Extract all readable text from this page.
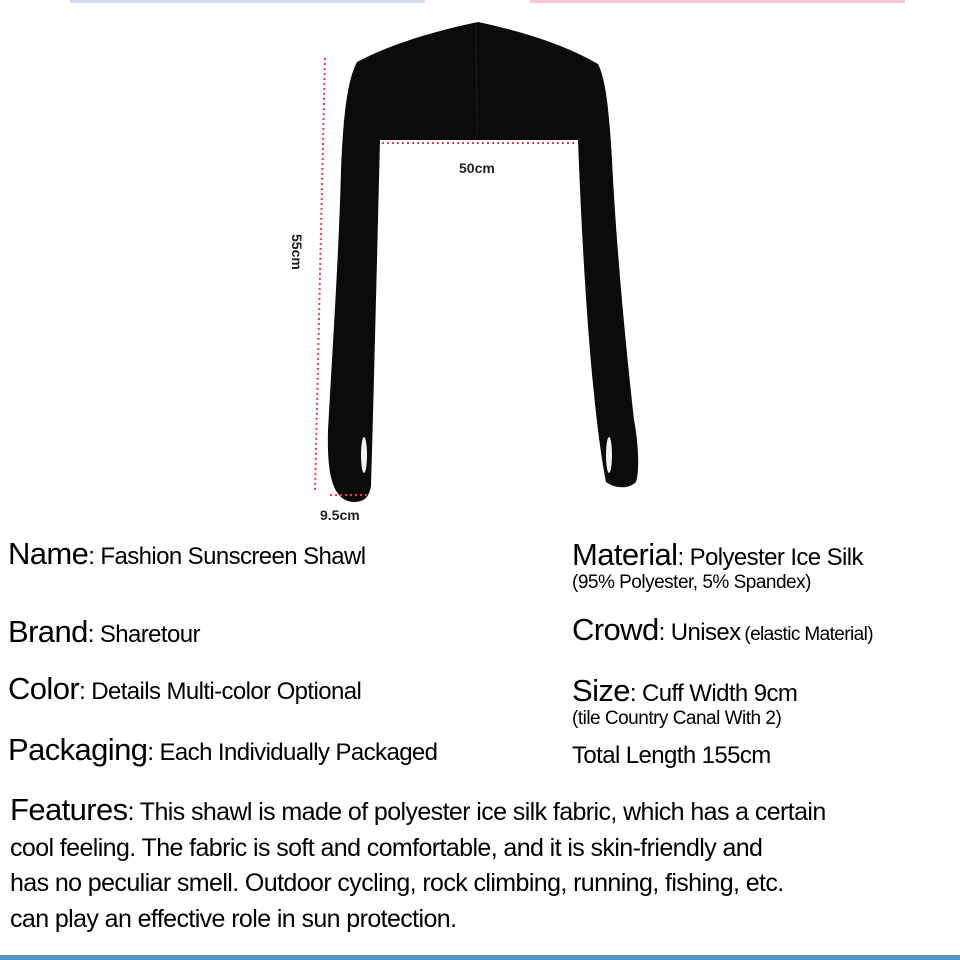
50cm
9.5cm
55cm
Name: Fashion Sunscreen Shawl
Brand: Sharetour
Color: Details Multi-color Optional
Packaging: Each Individually Packaged
Material: Polyester Ice Silk
(95% Polyester, 5% Spandex)
Crowd: Unisex (elastic Material)
Size: Cuff Width 9cm
(tile Country Canal With 2)
Total Length 155cm
Features: This shawl is made of polyester ice silk fabric, which has a certain
cool feeling. The fabric is soft and comfortable, and it is skin-friendly and
has no peculiar smell. Outdoor cycling, rock climbing, running, fishing, etc.
can play an effective role in sun protection.
